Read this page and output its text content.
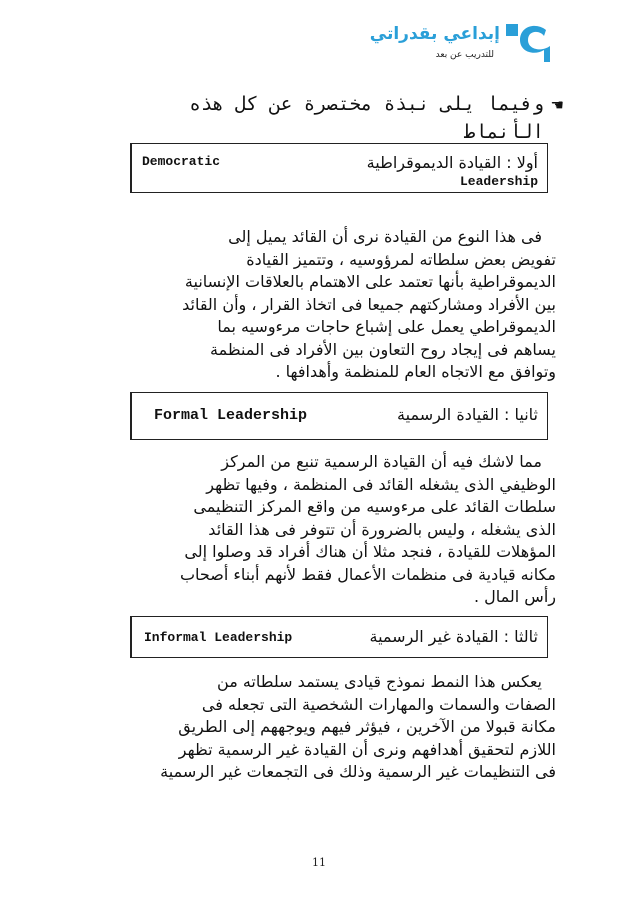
إبداعي بقدراتي
للتدريب عن بعد
☚
وفيما يلى نبذة مختصرة عن كل هذه الأنماط
أولا : القيادة الديموقراطية
Democratic
Leadership

فى هذا النوع من القيادة نرى أن القائد يميل إلى

تفويض بعض سلطاته لمرؤوسيه ، وتتميز القيادة

الديموقراطية بأنها تعتمد على الاهتمام بالعلاقات الإنسانية

بين الأفراد ومشاركتهم جميعا فى اتخاذ القرار ، وأن القائد

الديموقراطي يعمل على إشباع حاجات مرءوسيه بما

يساهم فى إيجاد روح التعاون بين الأفراد فى المنظمة

وتوافق مع الاتجاه العام للمنظمة وأهدافها .

ثانيا : القيادة الرسمية
Formal Leadership

مما لاشك فيه أن القيادة الرسمية تنبع من المركز

الوظيفي الذى يشغله القائد فى المنظمة ، وفيها تظهر

سلطات القائد على مرءوسيه من واقع المركز التنظيمى

الذى يشغله ، وليس بالضرورة أن تتوفر فى هذا القائد

المؤهلات للقيادة ، فنجد مثلا أن هناك أفراد قد وصلوا إلى

مكانه قيادية فى منظمات الأعمال فقط لأنهم أبناء أصحاب

رأس المال .

ثالثا : القيادة غير الرسمية
Informal Leadership

يعكس هذا النمط نموذج قيادى يستمد سلطاته من

الصفات والسمات والمهارات الشخصية التى تجعله فى

مكانة قبولا من الآخرين ، فيؤثر فيهم ويوجههم إلى الطريق

اللازم لتحقيق أهدافهم ونرى أن القيادة غير الرسمية تظهر

فى التنظيمات غير الرسمية وذلك فى التجمعات غير الرسمية

11
